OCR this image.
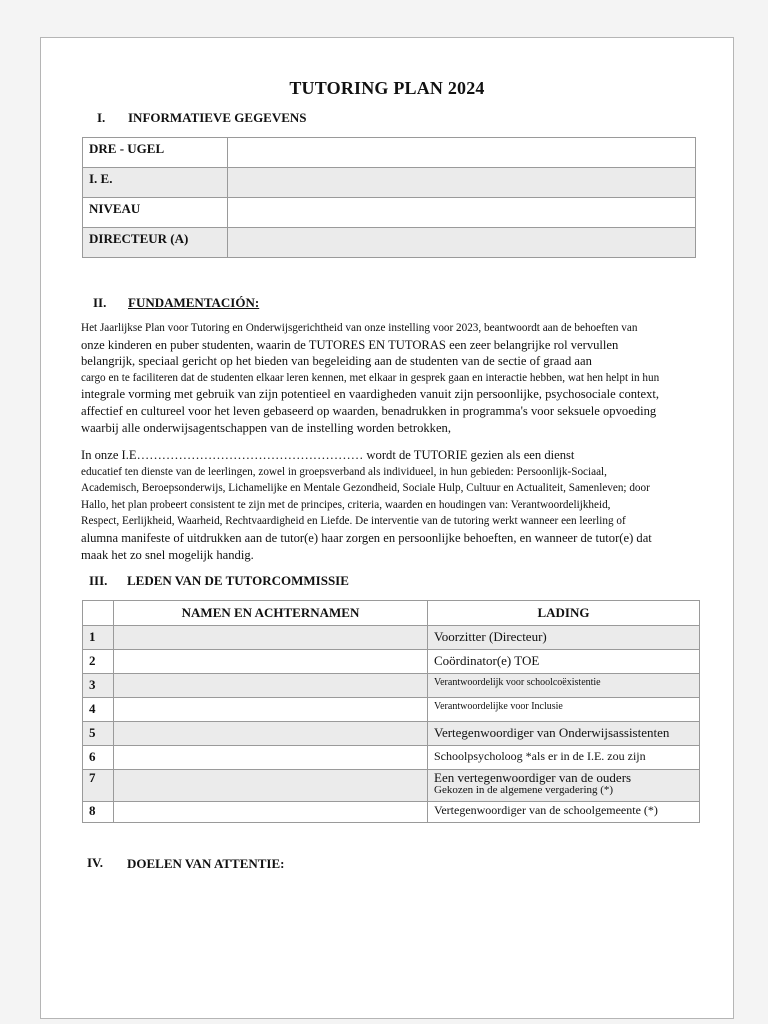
TUTORING PLAN 2024
I. INFORMATIEVE GEGEVENS
DRE - UGEL	
I. E.	
NIVEAU	
DIRECTEUR (A)	
II. FUNDAMENTACIÓN:
Het Jaarlijkse Plan voor Tutoring en Onderwijsgerichtheid van onze instelling voor 2023, beantwoordt aan de behoeften van
onze kinderen en puber studenten, waarin de TUTORES EN TUTORAS een zeer belangrijke rol vervullen
belangrijk, speciaal gericht op het bieden van begeleiding aan de studenten van de sectie of graad aan
cargo en te faciliteren dat de studenten elkaar leren kennen, met elkaar in gesprek gaan en interactie hebben, wat hen helpt in hun
integrale vorming met gebruik van zijn potentieel en vaardigheden vanuit zijn persoonlijke, psychosociale context,
affectief en cultureel voor het leven gebaseerd op waarden, benadrukken in programma's voor seksuele opvoeding
waarbij alle onderwijsagentschappen van de instelling worden betrokken,
In onze I.E……………………………………………… wordt de TUTORIE gezien als een dienst
educatief ten dienste van de leerlingen, zowel in groepsverband als individueel, in hun gebieden: Persoonlijk-Sociaal,
Academisch, Beroepsonderwijs, Lichamelijke en Mentale Gezondheid, Sociale Hulp, Cultuur en Actualiteit, Samenleven; door
Hallo, het plan probeert consistent te zijn met de principes, criteria, waarden en houdingen van: Verantwoordelijkheid,
Respect, Eerlijkheid, Waarheid, Rechtvaardigheid en Liefde. De interventie van de tutoring werkt wanneer een leerling of
alumna manifeste of uitdrukken aan de tutor(e) haar zorgen en persoonlijke behoeften, en wanneer de tutor(e) dat
maak het zo snel mogelijk handig.
III. LEDEN VAN DE TUTORCOMMISSIE
	NAMEN EN ACHTERNAMEN	LADING
1		Voorzitter (Directeur)
2		Coördinator(e) TOE
3		Verantwoordelijk voor schoolcoëxistentie
4		Verantwoordelijke voor Inclusie
5		Vertegenwoordiger van Onderwijsassistenten
6		Schoolpsycholoog *als er in de I.E. zou zijn
7		Een vertegenwoordiger van de ouders
Gekozen in de algemene vergadering (*)

8		Vertegenwoordiger van de schoolgemeente (*)
IV. DOELEN VAN ATTENTIE:
